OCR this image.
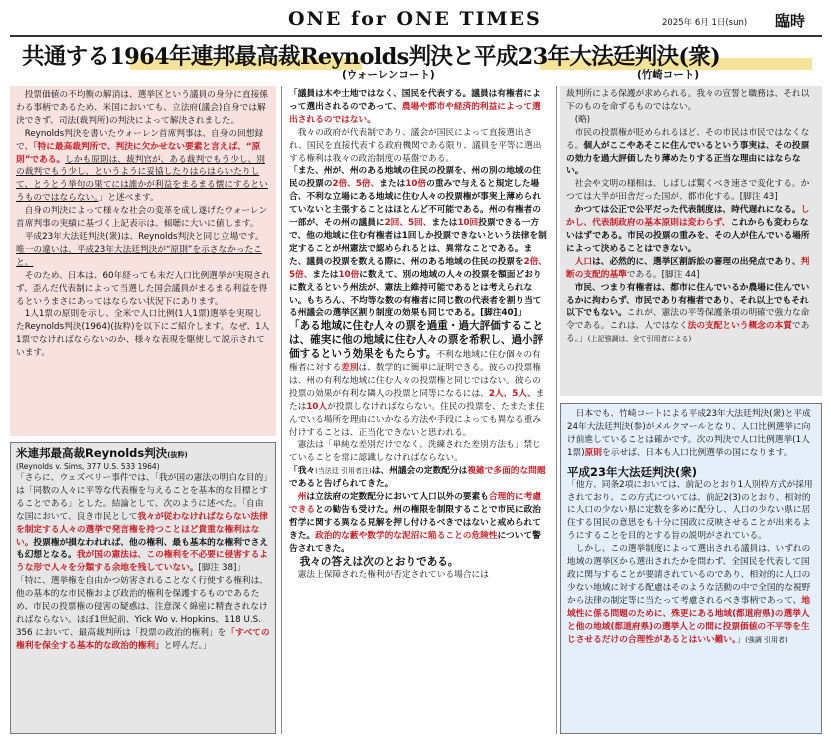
ONE for ONE TIMES	2025年 6月 1日(sun) 臨時
共通する1964年連邦最高裁Reynolds判決と平成23年大法廷判決(衆)
(ウォーレンコート)	(竹崎コート)

投票価値の不均衡の解消は、選挙区という議員の身分に直接係わる事柄であるため、米国においても、立法府(議会)自身では解決できず、司法(裁判所)の判決によって解決されました。

Reynolds判決を書いたウォーレン首席判事は、自身の回想録で、「特に最高裁判所で、判決に欠かせない要素と言えば、“原則”である。しかも原則は、裁判官が、ある裁判でもう少し、別の裁判でもう少し、というように妥協したりはらはらいたりして、とうとう挙句の果てには誰かが利益をまるまる懐にするというものではならない。」と述べます。

自身の判決によって様々な社会の変革を成し遂げたウォーレン首席判事の実績に基づく上記表示は、傾聴に大いに値します。

平成23年大法廷判決(衆)は、Reynolds判決と同じ立場です。唯一の違いは、平成23年大法廷判決が“原則”を示さなかったこと。

そのため、日本は、60年経っても未だ人口比例選挙が実現されず、歪んだ代表制によって当選した国会議員がまるまる利益を得るというまさにあってはならない状況下にあります。

1人1票の原則を示し、全米で人口比例(1人1票)選挙を実現したReynolds判決(1964)(抜粋)を以下にご紹介します。なぜ、1人1票でなければならないのか、様々な表現を駆使して説示されています。

米連邦最高裁Reynolds判決(抜粋)
(Reynolds v. Sims, 377 U.S. 533 1964)

「さらに、ウェズベリー事件では、「我が国の憲法の明白な目的」は「同数の人々に平等な代表権を与えることを基本的な目標とすることである」とした。結論として、次のように述べた。「自由な国において、良き市民として我々が従わなければならない法律を制定する人々の選挙で発言権を持つことほど貴重な権利はない。投票権が損なわれれば、他の権利、最も基本的な権利でさえも幻想となる。我が国の憲法は、この権利を不必要に侵害するような形で人々を分類する余地を残していない。[脚注 38]」

「特に、選挙権を自由かつ妨害されることなく行使する権利は、他の基本的な市民権および政治的権利を保護するものであるため、市民の投票権の侵害の疑惑は、注意深く綿密に精査されなければならない。ほぼ1世紀前、Yick Wo v. Hopkins、118 U.S. 356 において、最高裁判所は「投票の政治的権利」を「すべての権利を保全する基本的な政治的権利」と呼んだ。」

「議員は木や土地ではなく、国民を代表する。議員は有権者によって選出されるのであって、農場や都市や経済的利益によって選出されるのではない。

我々の政府が代表制であり、議会が国民によって直接選出され、国民を直接代表する政府機関である限り、議員を平等に選出する権利は我々の政治制度の基盤である。

「また、州が、州のある地域の住民の投票を、州の別の地域の住民の投票の2倍、5倍、または10倍の重みで与えると規定した場合、不利な立場にある地域に住む人々の投票権が事実上薄められていないと主張することはほとんど不可能である。州の有権者の一部が、その州の議員に2回、5回、または10回投票できる一方で、他の地域に住む有権者は1回しか投票できないという法律を制定することが州憲法で認められるとは、異常なことである。また、議員の投票を数える際に、州のある地域の住民の投票を2倍、5倍、または10倍に数えて、別の地域の人々の投票を額面どおりに数えるという州法が、憲法上維持可能であるとは考えられない。もちろん、不均等な数の有権者に同じ数の代表者を割り当てる州議会の選挙区割り制度の効果も同じである。[脚注40]」

「ある地域に住む人々の票を過重・過大評価することは、確実に他の地域に住む人々の票を希釈し、過小評価するという効果をもたらす。不利な地域に住む個々の有権者に対する差別は、数学的に簡単に証明できる。彼らの投票権は、州の有利な地域に住む人々の投票権と同じではない。彼らの投票の効果が有利な隣人の投票と同等になるには、2人、5人、または10人が投票しなければならない。住民の投票を、たまたま住んでいる場所を理由にいかなる方法や手段によっても異なる重み付けすることは、正当化できないと思われる。

憲法は「単純な差別だけでなく、洗練された差別方法も」禁じていることを常に認識しなければならない。

「我々(当法廷 引用者注)は、州議会の定数配分は複雑で多面的な問題であると告げられてきた。

州は立法府の定数配分において人口以外の要素も合理的に考慮できるとの勧告も受けた。州の権限を制限することで市民に政治哲学に関する異なる見解を押し付けるべきではないと戒められてきた。政治的な藪や数学的な泥沼に陥ることの危険性について警告されてきた。

我々の答えは次のとおりである。

憲法上保障された権利が否定されている場合には

裁判所による保護が求められる。我々の宣誓と職務は、それ以下のものを命ずるものではない。

(略)

市民の投票権が貶められるほど、その市民は市民ではなくなる。個人がここやあそこに住んでいるという事実は、その投票の効力を過大評価したり薄めたりする正当な理由にはならない。

社会や文明の様相は、しばしば驚くべき速さで変化する。かつては大半が田舎だった国が、都市化する。[脚注 43]

かつては公正で公平だった代表制度は、時代遅れになる。しかし、代表制政府の基本原則は変わらず、これからも変わらないはずである。市民の投票の重みを、その人が住んでいる場所によって決めることはできない。

人口は、必然的に、選挙区割訴訟の審理の出発点であり、判断の支配的基準である。[脚注 44]

市民、つまり有権者は、都市に住んでいるか農場に住んでいるかに拘わらず、市民であり有権者であり、それ以上でもそれ以下でもない。これが、憲法の平等保護条項の明確で強力な命令である。これは、人ではなく法の支配という概念の本質である。」(上記強調は、全て引用者による)

日本でも、竹崎コートによる平成23年大法廷判決(衆)と平成24年大法廷判決(参)がメルクマールとなり、人口比例選挙に向け前進していることは確かです。次の判決で人口比例選挙(1人1票)原則を示せば、日本も人口比例選挙の国になります。

平成23年大法廷判決(衆)

「他方、同条2項においては、前記のとおり1人別枠方式が採用されており、この方式については、前記2(3)のとおり、相対的に人口の少ない県に定数を多めに配分し、人口の少ない県に居住する国民の意思をも十分に国政に反映させることが出来るようにすることを目的とする旨の説明がされている。

しかし、この選挙制度によって選出される議員は、いずれの地域の選挙区から選出されたかを問わず、全国民を代表して国政に関与することが要請されているのであり、相対的に人口の少ない地域に対する配慮はそのような活動の中で全国的な視野から法律の制定等に当たって考慮されるべき事柄であって、地域性に係る問題のために、殊更にある地域(都道府県)の選挙人と他の地域(都道府県)の選挙人との間に投票価値の不平等を生じさせるだけの合理性があるとはいい難い。」(強調 引用者)
